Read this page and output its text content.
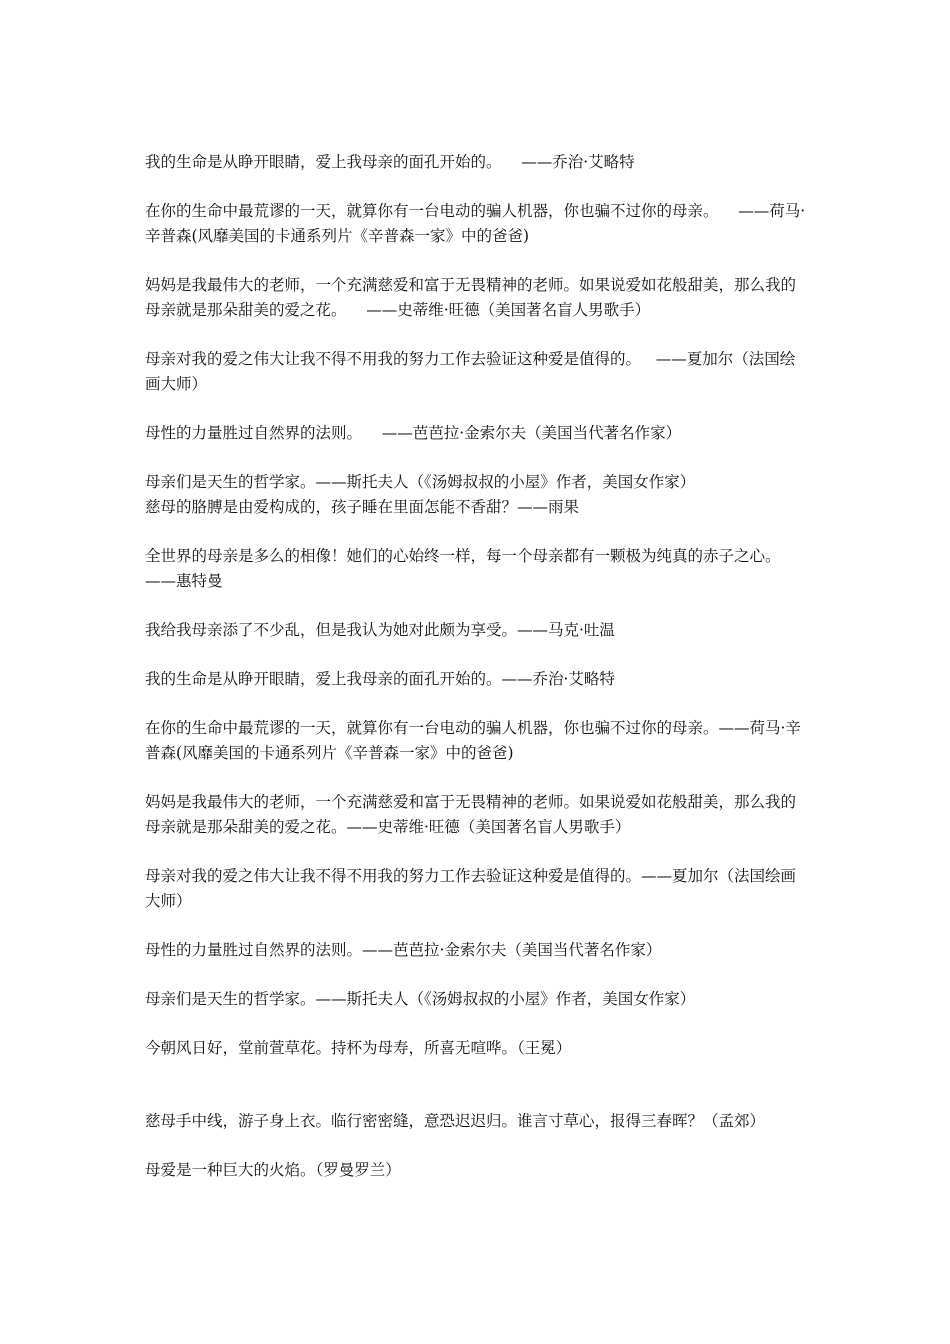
我的生命是从睁开眼睛，爱上我母亲的面孔开始的。    ——乔治·艾略特

在你的生命中最荒谬的一天，就算你有一台电动的骗人机器，你也骗不过你的母亲。    ——荷马·辛普森(风靡美国的卡通系列片《辛普森一家》中的爸爸)

妈妈是我最伟大的老师，一个充满慈爱和富于无畏精神的老师。如果说爱如花般甜美，那么我的母亲就是那朵甜美的爱之花。    ——史蒂维·旺德（美国著名盲人男歌手）

母亲对我的爱之伟大让我不得不用我的努力工作去验证这种爱是值得的。   ——夏加尔（法国绘画大师）

母性的力量胜过自然界的法则。    ——芭芭拉·金索尔夫（美国当代著名作家）

母亲们是天生的哲学家。——斯托夫人（《汤姆叔叔的小屋》作者，美国女作家）

慈母的胳膊是由爱构成的，孩子睡在里面怎能不香甜？——雨果

全世界的母亲是多么的相像！她们的心始终一样，每一个母亲都有一颗极为纯真的赤子之心。——惠特曼

我给我母亲添了不少乱，但是我认为她对此颇为享受。——马克·吐温

我的生命是从睁开眼睛，爱上我母亲的面孔开始的。——乔治·艾略特

在你的生命中最荒谬的一天，就算你有一台电动的骗人机器，你也骗不过你的母亲。——荷马·辛普森(风靡美国的卡通系列片《辛普森一家》中的爸爸)

妈妈是我最伟大的老师，一个充满慈爱和富于无畏精神的老师。如果说爱如花般甜美，那么我的母亲就是那朵甜美的爱之花。——史蒂维·旺德（美国著名盲人男歌手）

母亲对我的爱之伟大让我不得不用我的努力工作去验证这种爱是值得的。——夏加尔（法国绘画大师）

母性的力量胜过自然界的法则。——芭芭拉·金索尔夫（美国当代著名作家）

母亲们是天生的哲学家。——斯托夫人（《汤姆叔叔的小屋》作者，美国女作家）

今朝风日好，堂前萱草花。持杯为母寿，所喜无喧哗。（王冕）

慈母手中线，游子身上衣。临行密密缝，意恐迟迟归。谁言寸草心，报得三春晖？（孟郊）

母爱是一种巨大的火焰。（罗曼罗兰）
